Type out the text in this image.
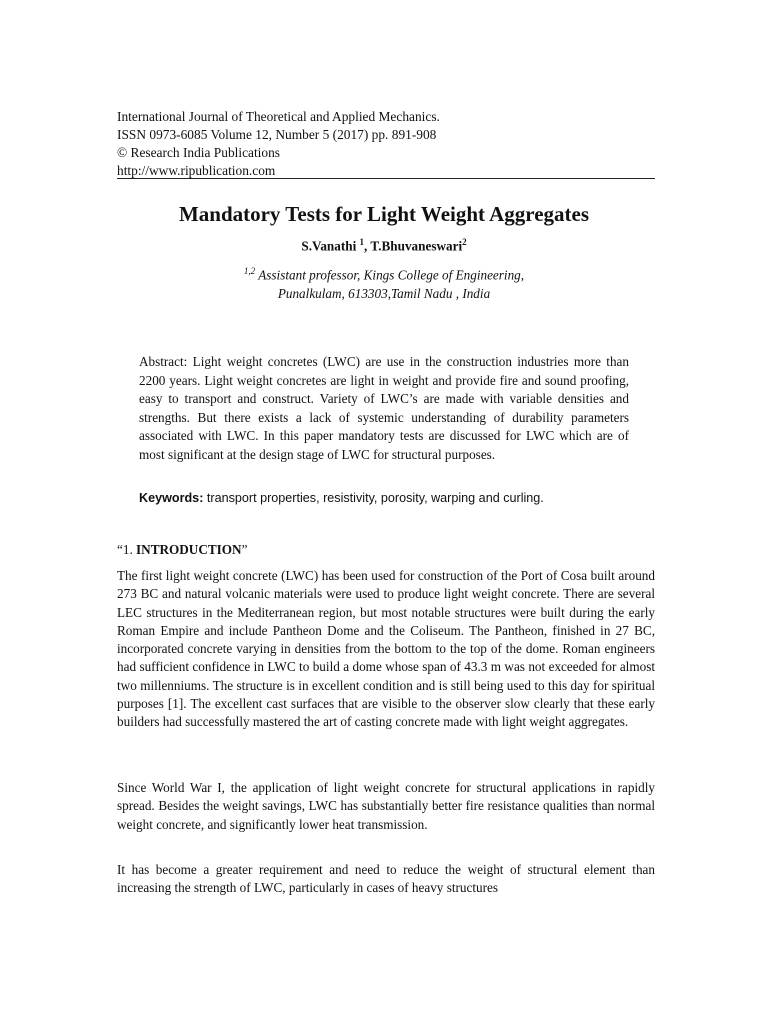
International Journal of Theoretical and Applied Mechanics.
ISSN 0973-6085 Volume 12, Number 5 (2017) pp. 891-908
© Research India Publications
http://www.ripublication.com
Mandatory Tests for Light Weight Aggregates
S.Vanathi $^1$, T.Bhuvaneswari$^2$
$^{1,2}$ Assistant professor, Kings College of Engineering,
Punalkulam, 613303,Tamil Nadu , India

Abstract: Light weight concretes (LWC) are use in the construction industries more than 2200 years. Light weight concretes are light in weight and provide fire and sound proofing, easy to transport and construct. Variety of LWC’s are made with variable densities and strengths. But there exists a lack of systemic understanding of durability parameters associated with LWC. In this paper mandatory tests are discussed for LWC which are of most significant at the design stage of LWC for structural purposes.

Keywords: transport properties, resistivity, porosity, warping and curling.
“1. INTRODUCTION”

The first light weight concrete (LWC) has been used for construction of the Port of Cosa built around 273 BC and natural volcanic materials were used to produce light weight concrete. There are several LEC structures in the Mediterranean region, but most notable structures were built during the early Roman Empire and include Pantheon Dome and the Coliseum. The Pantheon, finished in 27 BC, incorporated concrete varying in densities from the bottom to the top of the dome. Roman engineers had sufficient confidence in LWC to build a dome whose span of 43.3 m was not exceeded for almost two millenniums. The structure is in excellent condition and is still being used to this day for spiritual purposes [1]. The excellent cast surfaces that are visible to the observer slow clearly that these early builders had successfully mastered the art of casting concrete made with light weight aggregates.

Since World War I, the application of light weight concrete for structural applications in rapidly spread. Besides the weight savings, LWC has substantially better fire resistance qualities than normal weight concrete, and significantly lower heat transmission.

It has become a greater requirement and need to reduce the weight of structural element than increasing the strength of LWC, particularly in cases of heavy structures
